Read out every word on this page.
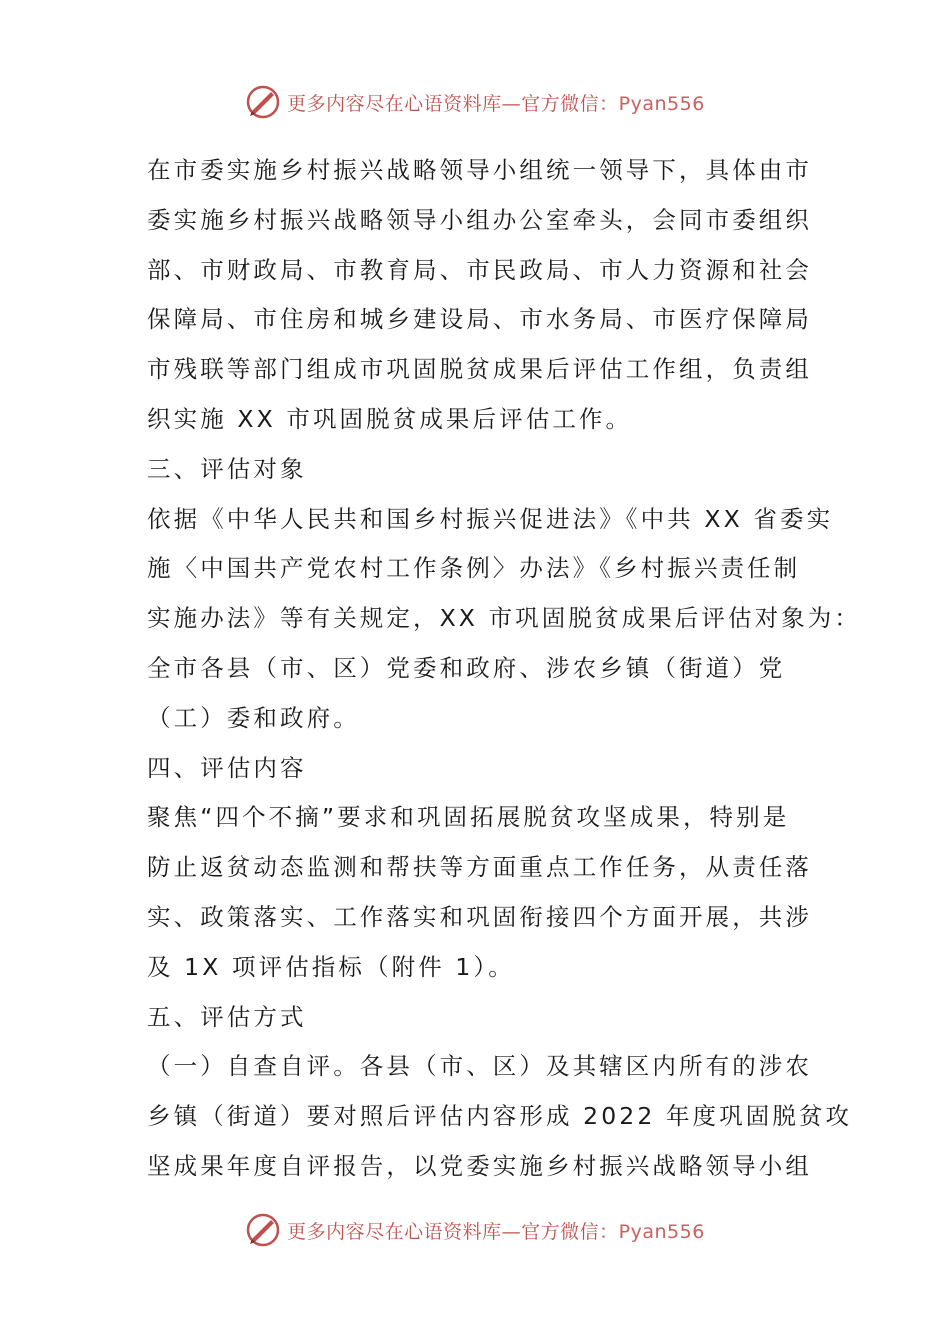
更多内容尽在心语资料库—官方微信：Pyan556
在市委实施乡村振兴战略领导小组统一领导下，具体由市
委实施乡村振兴战略领导小组办公室牵头，会同市委组织
部、市财政局、市教育局、市民政局、市人力资源和社会
保障局、市住房和城乡建设局、市水务局、市医疗保障局
市残联等部门组成市巩固脱贫成果后评估工作组，负责组
织实施 XX 市巩固脱贫成果后评估工作。
三、评估对象
依据《中华人民共和国乡村振兴促进法》《中共 XX 省委实
施〈中国共产党农村工作条例〉办法》《乡村振兴责任制
实施办法》等有关规定，XX 市巩固脱贫成果后评估对象为：
全市各县（市、区）党委和政府、涉农乡镇（街道）党
（工）委和政府。
四、评估内容
聚焦“四个不摘”要求和巩固拓展脱贫攻坚成果，特别是
防止返贫动态监测和帮扶等方面重点工作任务，从责任落
实、政策落实、工作落实和巩固衔接四个方面开展，共涉
及 1X 项评估指标（附件 1）。
五、评估方式
（一）自查自评。各县（市、区）及其辖区内所有的涉农
乡镇（街道）要对照后评估内容形成 2022 年度巩固脱贫攻
坚成果年度自评报告，以党委实施乡村振兴战略领导小组
更多内容尽在心语资料库—官方微信：Pyan556
